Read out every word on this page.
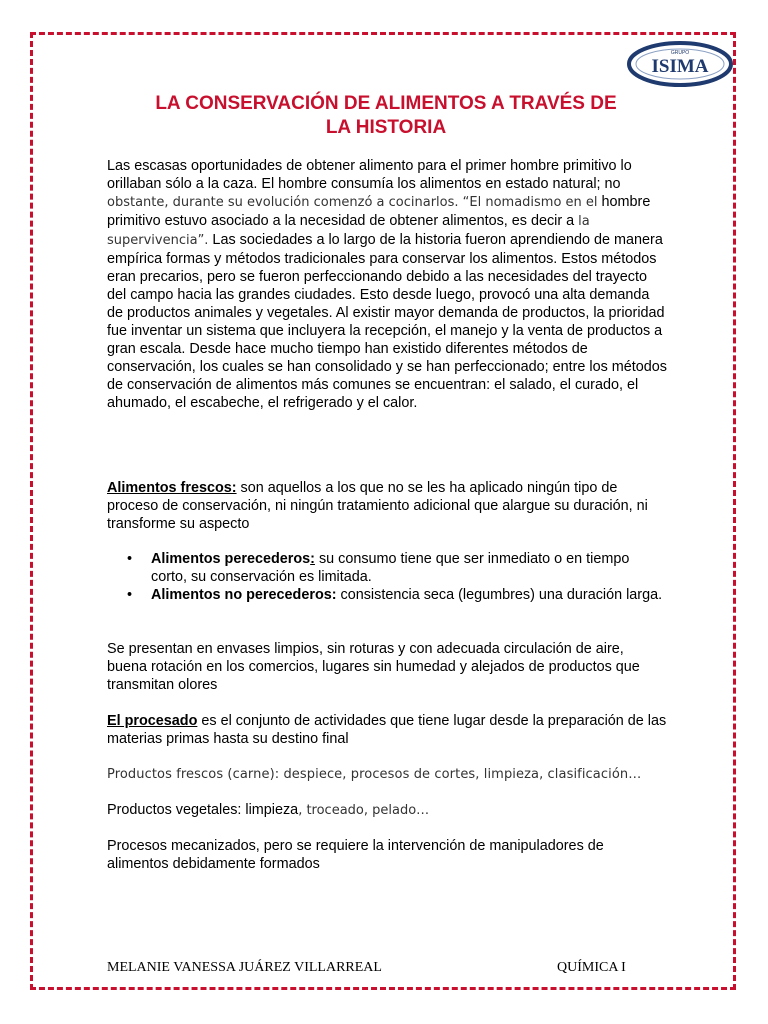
GRUPO
ISIMA
LA CONSERVACIÓN DE ALIMENTOS A TRAVÉS DE
LA HISTORIA
Las escasas oportunidades de obtener alimento para el primer hombre primitivo lo orillaban sólo a la caza. El hombre consumía los alimentos en estado natural; no obstante, durante su evolución comenzó a cocinarlos. “El nomadismo en el hombre primitivo estuvo asociado a la necesidad de obtener alimentos, es decir a la supervivencia”. Las sociedades a lo largo de la historia fueron aprendiendo de manera empírica formas y métodos tradicionales para conservar los alimentos. Estos métodos eran precarios, pero se fueron perfeccionando debido a las necesidades del trayecto del campo hacia las grandes ciudades. Esto desde luego, provocó una alta demanda de productos animales y vegetales. Al existir mayor demanda de productos, la prioridad fue inventar un sistema que incluyera la recepción, el manejo y la venta de productos a gran escala. Desde hace mucho tiempo han existido diferentes métodos de conservación, los cuales se han consolidado y se han perfeccionado; entre los métodos de conservación de alimentos más comunes se encuentran: el salado, el curado, el ahumado, el escabeche, el refrigerado y el calor.
Alimentos frescos: son aquellos a los que no se les ha aplicado ningún tipo de proceso de conservación, ni ningún tratamiento adicional que alargue su duración, ni transforme su aspecto
• Alimentos perecederos: su consumo tiene que ser inmediato o en tiempo corto, su conservación es limitada.
• Alimentos no perecederos: consistencia seca (legumbres) una duración larga.
Se presentan en envases limpios, sin roturas y con adecuada circulación de aire, buena rotación en los comercios, lugares sin humedad y alejados de productos que transmitan olores
El procesado es el conjunto de actividades que tiene lugar desde la preparación de las materias primas hasta su destino final
Productos frescos (carne): despiece, procesos de cortes, limpieza, clasificación…
Productos vegetales: limpieza, troceado, pelado…
Procesos mecanizados, pero se requiere la intervención de manipuladores de alimentos debidamente formados
MELANIE VANESSA JUÁREZ VILLARREAL	QUÍMICA I
